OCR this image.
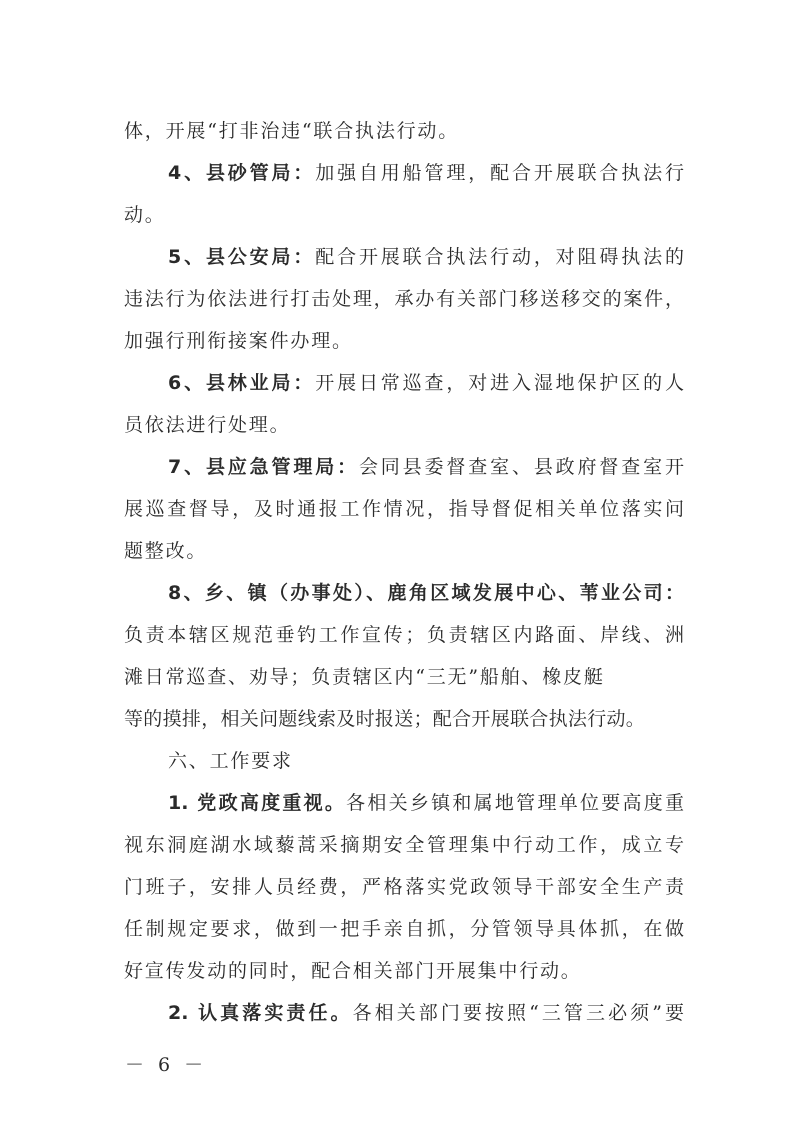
体，开展“打非治违“联合执法行动。
4、县砂管局：加强自用船管理，配合开展联合执法行
动。
5、县公安局：配合开展联合执法行动，对阻碍执法的
违法行为依法进行打击处理，承办有关部门移送移交的案件，
加强行刑衔接案件办理。
6、县林业局：开展日常巡查，对进入湿地保护区的人
员依法进行处理。
7、县应急管理局：会同县委督查室、县政府督查室开
展巡查督导，及时通报工作情况，指导督促相关单位落实问
题整改。
8、乡、镇（办事处）、鹿角区域发展中心、苇业公司：
负责本辖区规范垂钓工作宣传；负责辖区内路面、岸线、洲
滩日常巡查、劝导；负责辖区内“三无”船舶、橡皮艇
等的摸排，相关问题线索及时报送；配合开展联合执法行动。
六、工作要求
1. 党政高度重视。各相关乡镇和属地管理单位要高度重
视东洞庭湖水域藜蒿采摘期安全管理集中行动工作，成立专
门班子，安排人员经费，严格落实党政领导干部安全生产责
任制规定要求，做到一把手亲自抓，分管领导具体抓，在做
好宣传发动的同时，配合相关部门开展集中行动。
2. 认真落实责任。各相关部门要按照“三管三必须”要
－ 6 －
